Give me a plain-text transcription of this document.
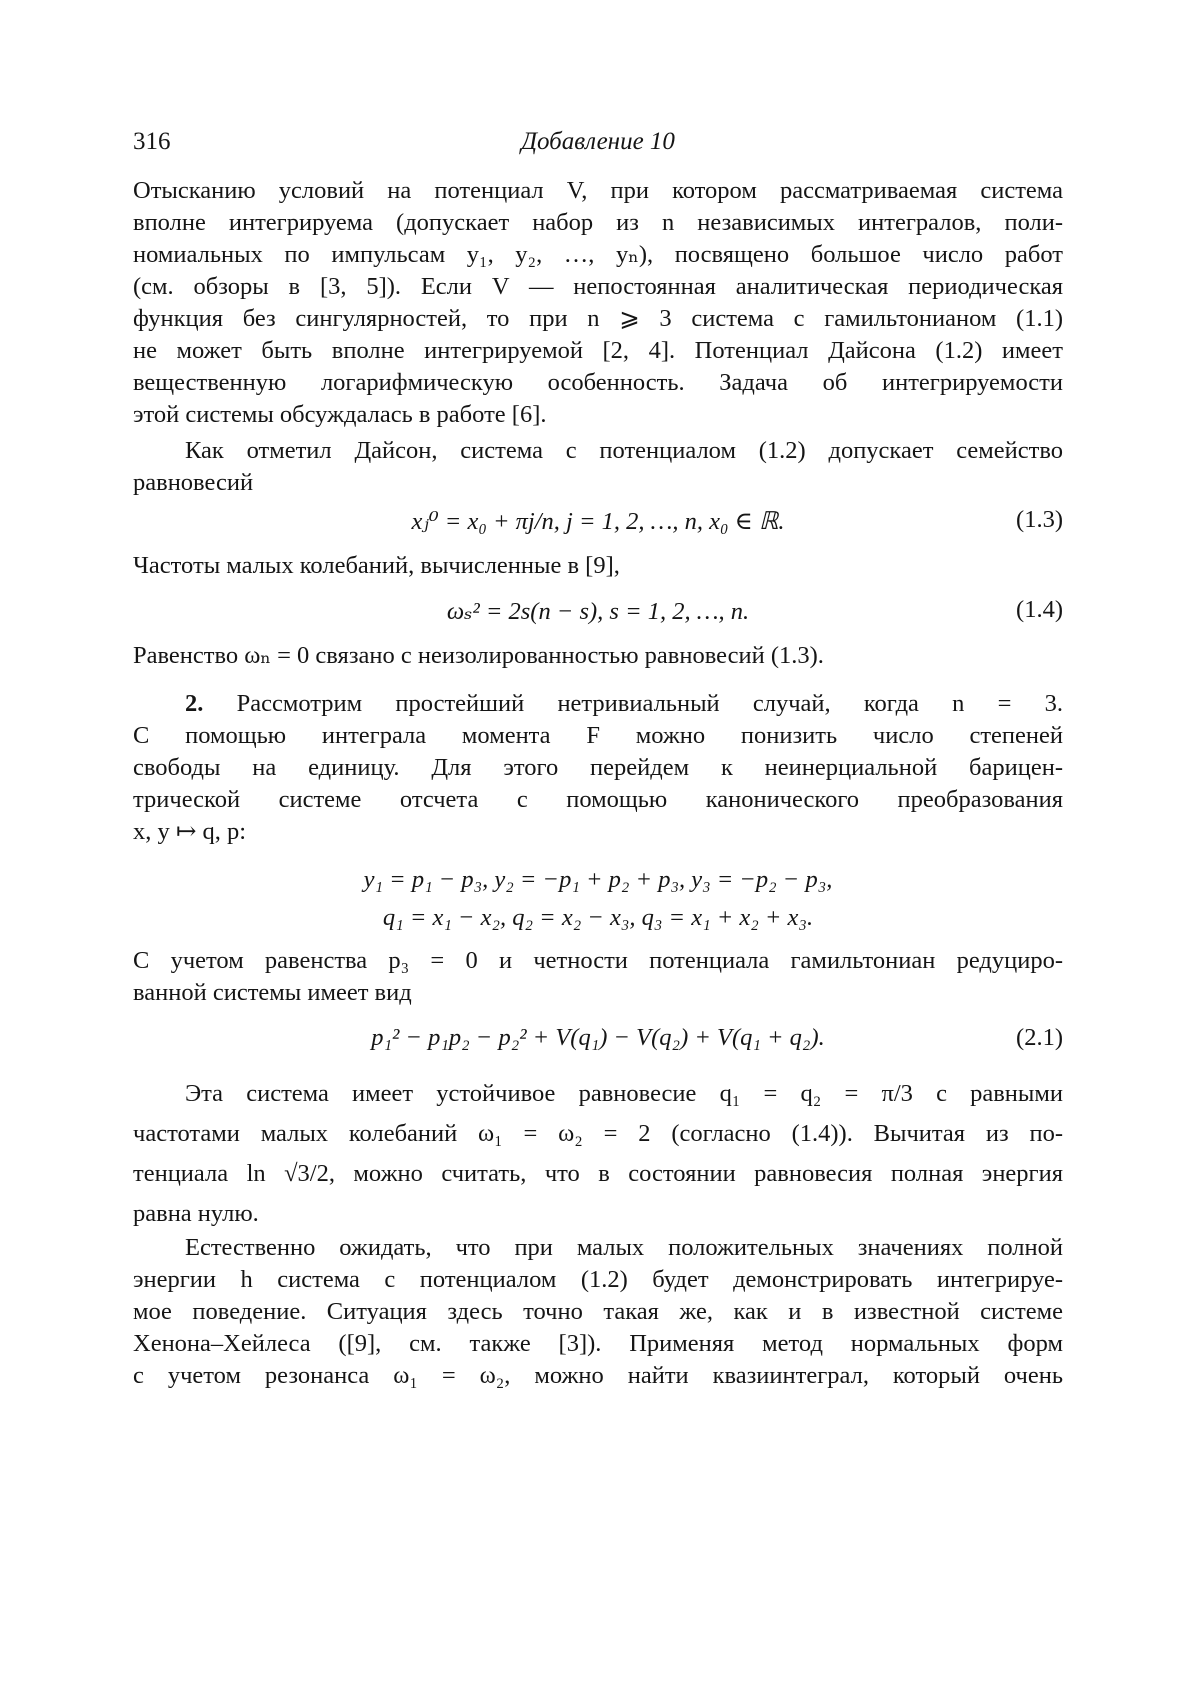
316	Добавление 10
Отысканию условий на потенциал V, при котором рассматриваемая система
вполне интегрируема (допускает набор из n независимых интегралов, поли-
номиальных по импульсам y₁, y₂, …, yₙ), посвящено большое число работ
(см. обзоры в [3, 5]). Если V — непостоянная аналитическая периодическая
функция без сингулярностей, то при n ⩾ 3 система с гамильтонианом (1.1)
не может быть вполне интегрируемой [2, 4]. Потенциал Дайсона (1.2) имеет
вещественную логарифмическую особенность. Задача об интегрируемости
этой системы обсуждалась в работе [6].
Как отметил Дайсон, система с потенциалом (1.2) допускает семейство
равновесий
xⱼ⁰ = x₀ + πj/n, j = 1, 2, …, n, x₀ ∈ ℝ.	(1.3)
Частоты малых колебаний, вычисленные в [9],
ωₛ² = 2s(n − s), s = 1, 2, …, n.	(1.4)
Равенство ωₙ = 0 связано с неизолированностью равновесий (1.3).
2. Рассмотрим простейший нетривиальный случай, когда n = 3.
С помощью интеграла момента F можно понизить число степеней
свободы на единицу. Для этого перейдем к неинерциальной барицен-
трической системе отсчета с помощью канонического преобразования
x, y ↦ q, p:
y₁ = p₁ − p₃, y₂ = −p₁ + p₂ + p₃, y₃ = −p₂ − p₃,
q₁ = x₁ − x₂, q₂ = x₂ − x₃, q₃ = x₁ + x₂ + x₃.
С учетом равенства p₃ = 0 и четности потенциала гамильтониан редуциро-
ванной системы имеет вид
p₁² − p₁p₂ − p₂² + V(q₁) − V(q₂) + V(q₁ + q₂).	(2.1)
Эта система имеет устойчивое равновесие q₁ = q₂ = π/3 с равными
частотами малых колебаний ω₁ = ω₂ = 2 (согласно (1.4)). Вычитая из по-
тенциала ln √3/2, можно считать, что в состоянии равновесия полная энергия
равна нулю.
Естественно ожидать, что при малых положительных значениях полной
энергии h система с потенциалом (1.2) будет демонстрировать интегрируе-
мое поведение. Ситуация здесь точно такая же, как и в известной системе
Хенона–Хейлеса ([9], см. также [3]). Применяя метод нормальных форм
с учетом резонанса ω₁ = ω₂, можно найти квазиинтеграл, который очень
